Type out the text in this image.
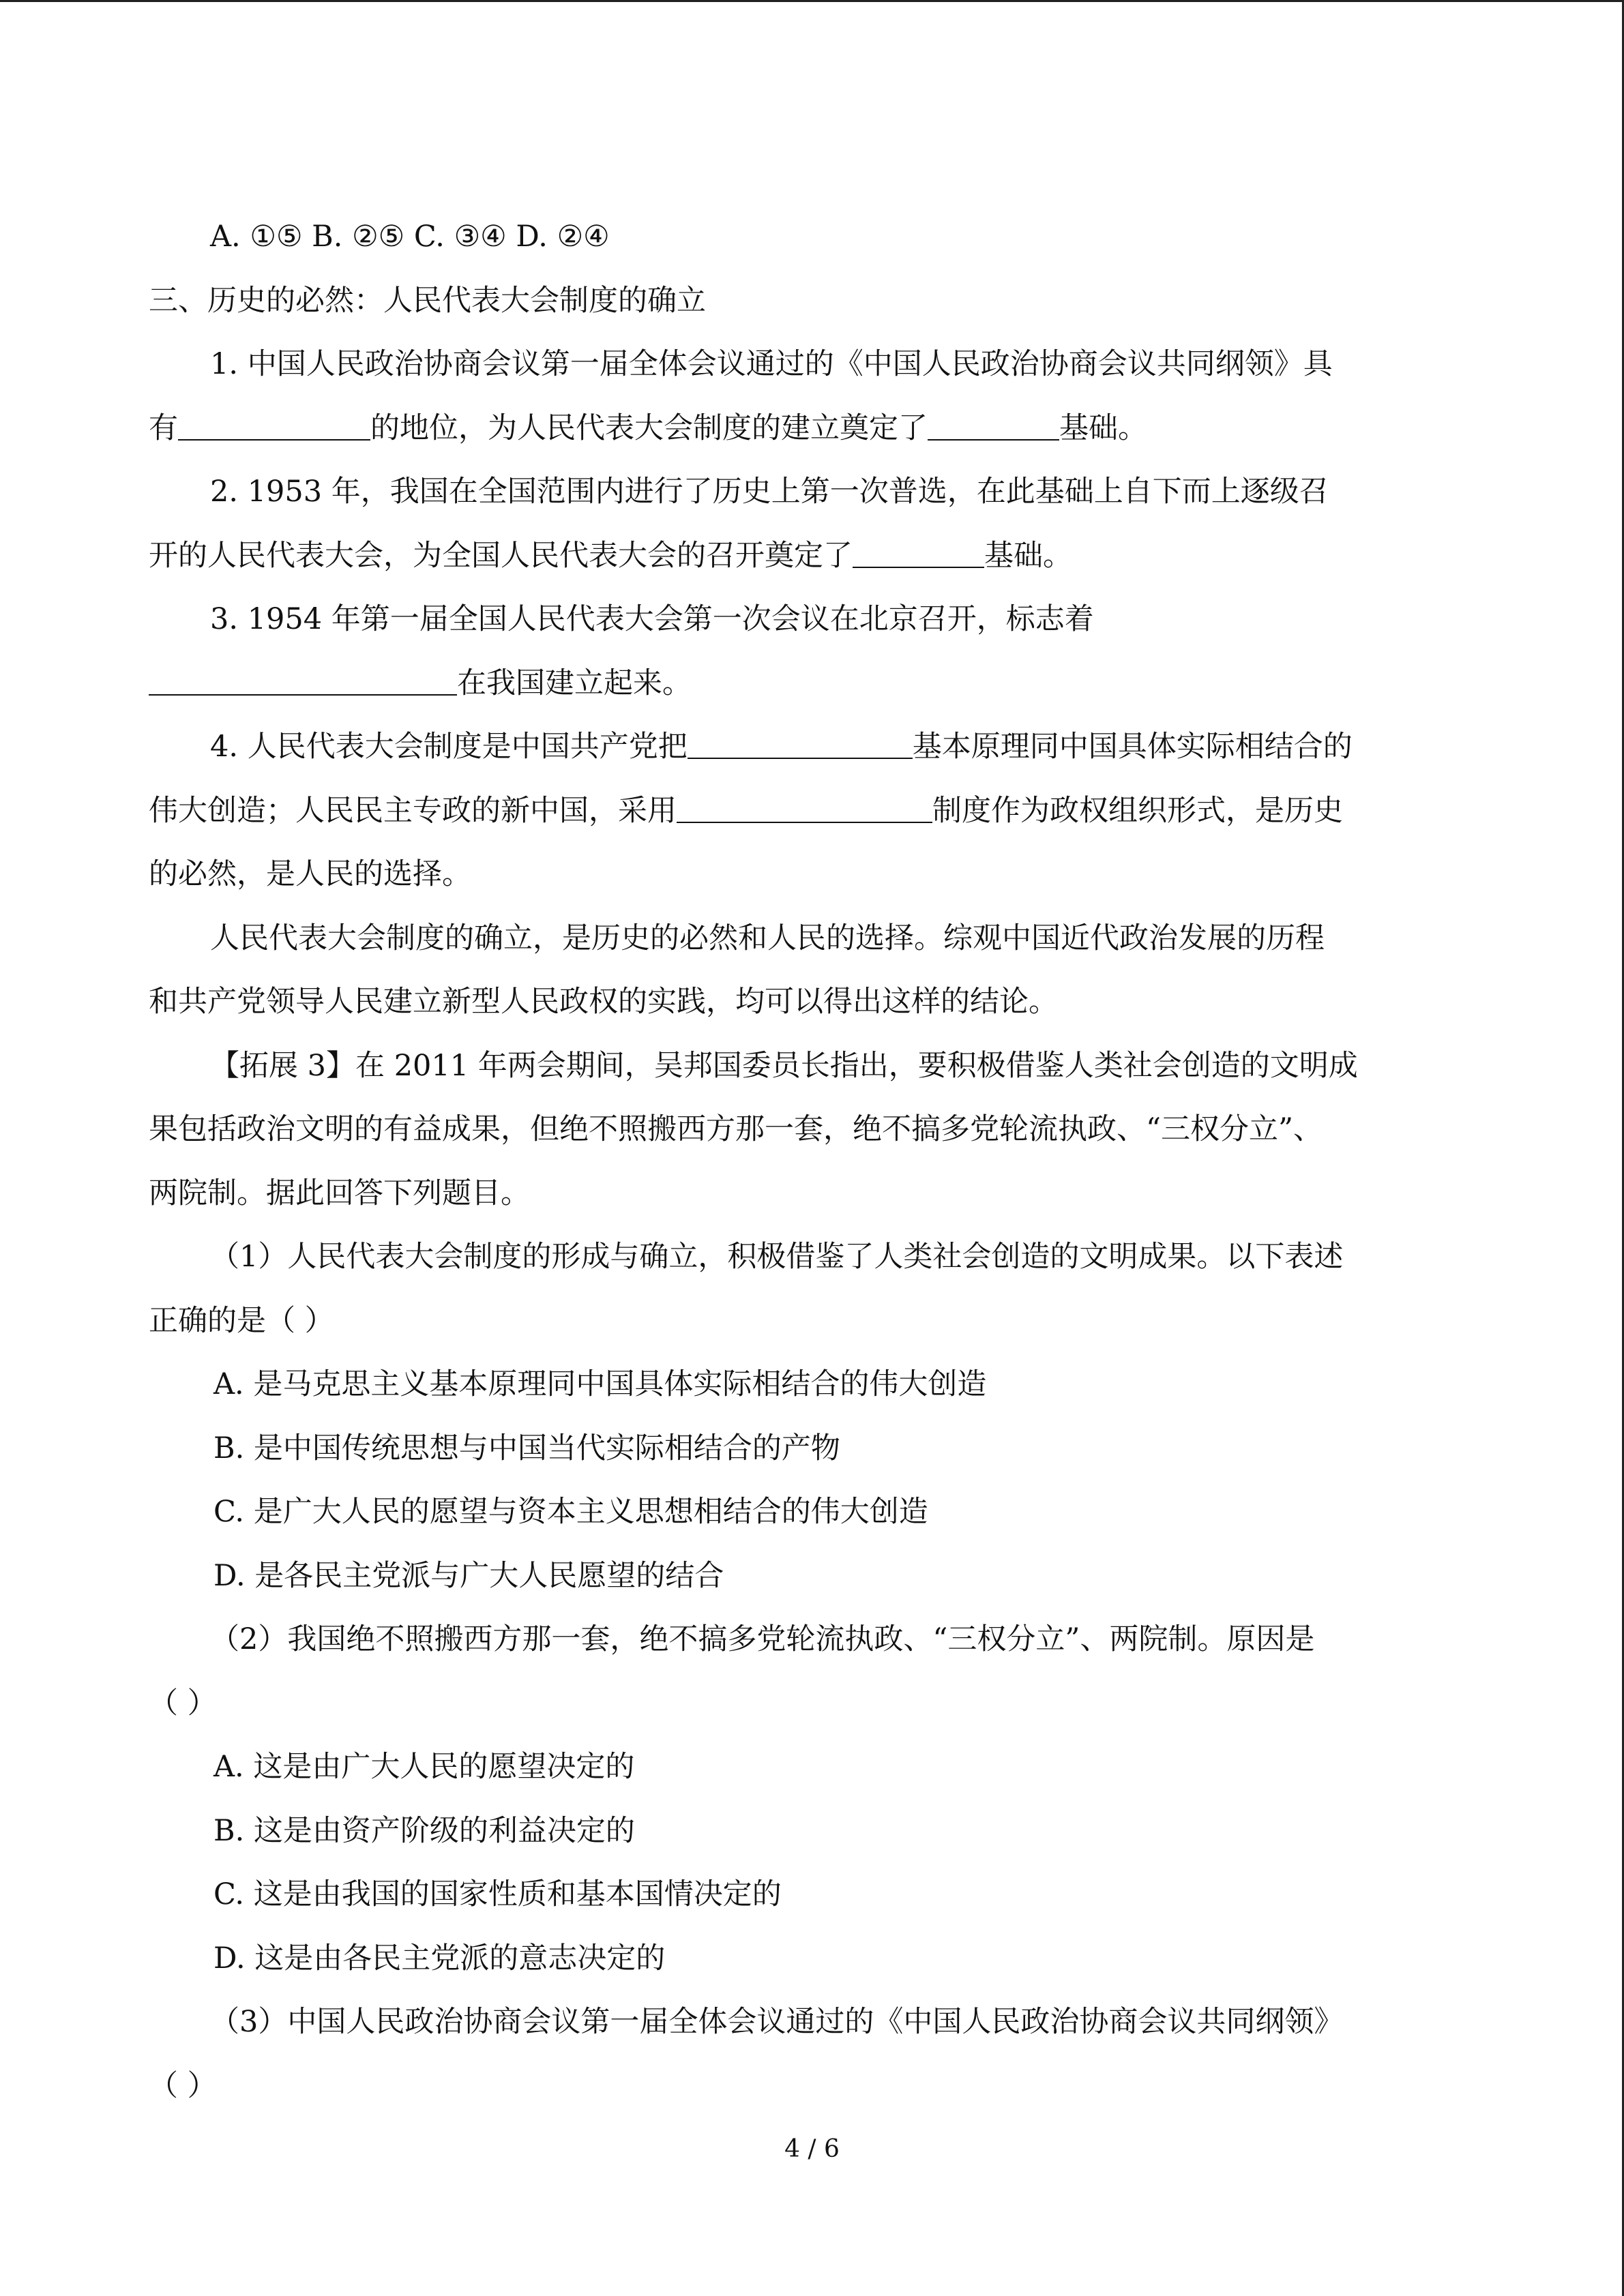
A. ①⑤ B. ②⑤ C. ③④ D. ②④
三、历史的必然：人民代表大会制度的确立
1. 中国人民政治协商会议第一届全体会议通过的《中国人民政治协商会议共同纲领》具
有	的地位，为人民代表大会制度的建立奠定了	基础。
2. 1953 年，我国在全国范围内进行了历史上第一次普选，在此基础上自下而上逐级召
开的人民代表大会，为全国人民代表大会的召开奠定了	基础。
3. 1954 年第一届全国人民代表大会第一次会议在北京召开，标志着
在我国建立起来。
4. 人民代表大会制度是中国共产党把	基本原理同中国具体实际相结合的
伟大创造；人民民主专政的新中国，采用	制度作为政权组织形式，是历史
的必然，是人民的选择。
人民代表大会制度的确立，是历史的必然和人民的选择。综观中国近代政治发展的历程
和共产党领导人民建立新型人民政权的实践，均可以得出这样的结论。
【拓展 3】在 2011 年两会期间，吴邦国委员长指出，要积极借鉴人类社会创造的文明成
果包括政治文明的有益成果，但绝不照搬西方那一套，绝不搞多党轮流执政、“三权分立”、
两院制。据此回答下列题目。
（1）人民代表大会制度的形成与确立，积极借鉴了人类社会创造的文明成果。以下表述
正确的是（ ）
A. 是马克思主义基本原理同中国具体实际相结合的伟大创造
B. 是中国传统思想与中国当代实际相结合的产物
C. 是广大人民的愿望与资本主义思想相结合的伟大创造
D. 是各民主党派与广大人民愿望的结合
（2）我国绝不照搬西方那一套，绝不搞多党轮流执政、“三权分立”、两院制。原因是
（ ）
A. 这是由广大人民的愿望决定的
B. 这是由资产阶级的利益决定的
C. 这是由我国的国家性质和基本国情决定的
D. 这是由各民主党派的意志决定的
（3）中国人民政治协商会议第一届全体会议通过的《中国人民政治协商会议共同纲领》
（ ）
4 / 6
